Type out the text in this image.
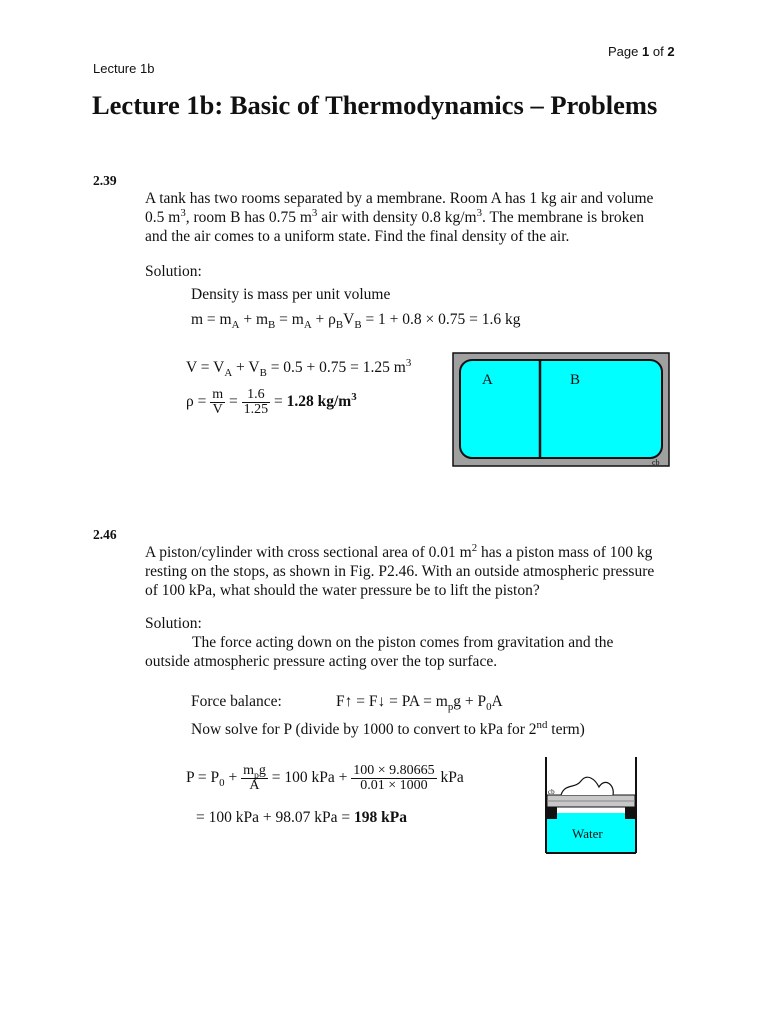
Page 1 of 2
Lecture 1b
Lecture 1b: Basic of Thermodynamics – Problems
2.39
A tank has two rooms separated by a membrane. Room A has 1 kg air and volume
0.5 $m^3$, room B has 0.75 $m^3$ air with density 0.8 $kg/m^3$. The membrane is broken
and the air comes to a uniform state. Find the final density of the air.
Solution:
Density is mass per unit volume
$m = m_A + m_B = m_A + \rho_BV_B = 1 + 0.8 \times 0.75 = 1.6$ kg
$V = V_A + V_B = 0.5 + 0.75 = 1.25$ $m^3$
$\rho = \frac{m}{V} = \frac{1.6}{1.25} = 1.28$ $kg/m^3$
A	B
cb
2.46
A piston/cylinder with cross sectional area of 0.01 $m^2$ has a piston mass of 100 kg
resting on the stops, as shown in Fig. P2.46. With an outside atmospheric pressure
of 100 kPa, what should the water pressure be to lift the piston?
Solution:
The force acting down on the piston comes from gravitation and the
outside atmospheric pressure acting over the top surface.
Force balance:	F↑ = F↓ = PA = $m_pg + P_0A$
Now solve for P (divide by 1000 to convert to kPa for 2nd term)
$P = P_0 + \frac{m_pg}{A} = 100$ kPa + $\frac{100 \times 9.80665}{0.01 \times 1000}$ kPa
= 100 kPa + 98.07 kPa = 198 kPa
cb
Water
